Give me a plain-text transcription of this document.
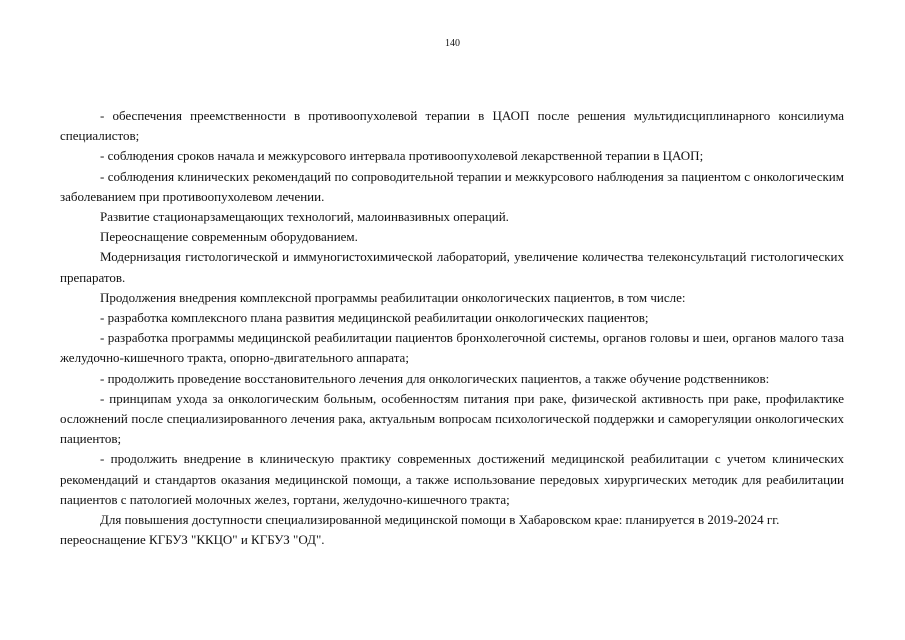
140

- обеспечения преемственности в противоопухолевой терапии в ЦАОП после решения мультидисциплинарного консилиума специалистов;

- соблюдения сроков начала и межкурсового интервала противоопухолевой лекарственной терапии в ЦАОП;

- соблюдения клинических рекомендаций по сопроводительной терапии и межкурсового наблюдения за пациентом с онкологическим заболеванием при противоопухолевом лечении.

Развитие стационарзамещающих технологий, малоинвазивных операций.

Переоснащение современным оборудованием.

Модернизация гистологической и иммуногистохимической лабораторий, увеличение количества телеконсультаций гистологических препаратов.

Продолжения внедрения комплексной программы реабилитации онкологических пациентов, в том числе:

- разработка комплексного плана развития медицинской реабилитации онкологических пациентов;

- разработка программы медицинской реабилитации пациентов бронхолегочной системы, органов головы и шеи, органов малого таза желудочно-кишечного тракта, опорно-двигательного аппарата;

- продолжить проведение восстановительного лечения для онкологических пациентов, а также обучение родственников:

- принципам ухода за онкологическим больным, особенностям питания при раке, физической активность при раке, профилактике осложнений после специализированного лечения рака, актуальным вопросам психологической поддержки и саморегуляции онкологических пациентов;

- продолжить внедрение в клиническую практику современных достижений медицинской реабилитации с учетом клинических рекомендаций и стандартов оказания медицинской помощи, а также использование передовых хирургических методик для реабилитации пациентов с патологией молочных желез, гортани, желудочно-кишечного тракта;

Для повышения доступности специализированной медицинской помощи в Хабаровском крае: планируется в 2019-2024 гг. переоснащение КГБУЗ "ККЦО" и КГБУЗ "ОД".
